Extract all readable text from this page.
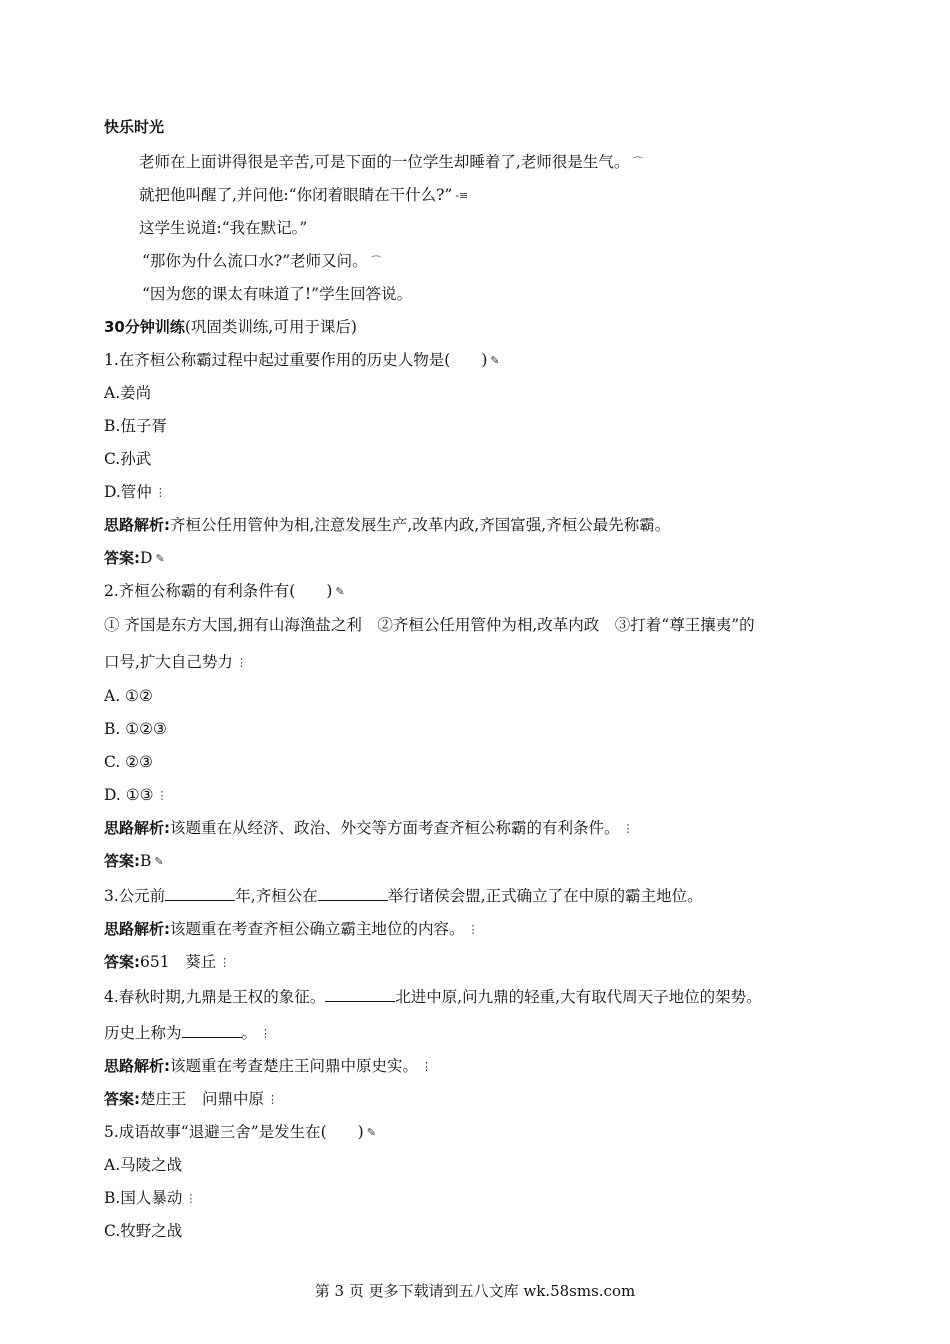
快乐时光
老师在上面讲得很是辛苦,可是下面的一位学生却睡着了,老师很是生气。 ⌒
就把他叫醒了,并问他:“你闭着眼睛在干什么?” -≡
这学生说道:“我在默记。”
“那你为什么流口水?”老师又问。 ⌒
“因为您的课太有味道了!”学生回答说。
30分钟训练(巩固类训练,可用于课后)
1.在齐桓公称霸过程中起过重要作用的历史人物是(　　) ✎
A.姜尚
B.伍子胥
C.孙武
D.管仲 ⋮
思路解析:齐桓公任用管仲为相,注意发展生产,改革内政,齐国富强,齐桓公最先称霸。
答案:D ✎
2.齐桓公称霸的有利条件有(　　) ✎
① 齐国是东方大国,拥有山海渔盐之利　②齐桓公任用管仲为相,改革内政　③打着“尊王攘夷”的
口号,扩大自己势力 ⋮
A. ①②
B. ①②③
C. ②③
D. ①③ ⋮
思路解析:该题重在从经济、政治、外交等方面考查齐桓公称霸的有利条件。 ⋮
答案:B ✎
3.公元前	年,齐桓公在	举行诸侯会盟,正式确立了在中原的霸主地位。
思路解析:该题重在考查齐桓公确立霸主地位的内容。 ⋮
答案:651　葵丘 ⋮
4.春秋时期,九鼎是王权的象征。	北进中原,问九鼎的轻重,大有取代周天子地位的架势。
历史上称为	。 ⋮
思路解析:该题重在考查楚庄王问鼎中原史实。 ⋮
答案:楚庄王　问鼎中原 ⋮
5.成语故事“退避三舍”是发生在(　　) ✎
A.马陵之战
B.国人暴动 ⋮
C.牧野之战
第 3 页 更多下载请到五八文库 wk.58sms.com
